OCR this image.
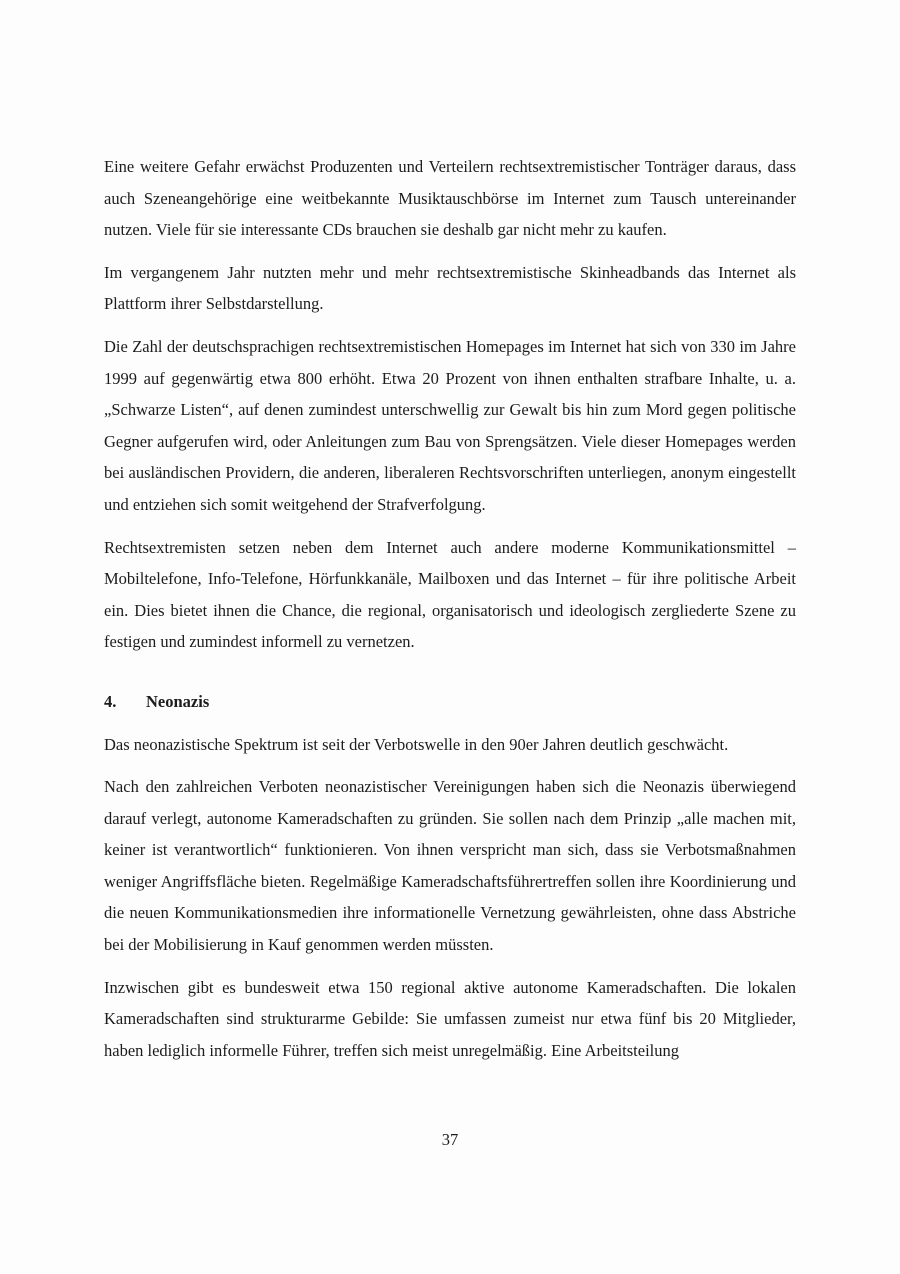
Eine weitere Gefahr erwächst Produzenten und Verteilern rechtsextremistischer Tonträger daraus, dass auch Szeneangehörige eine weitbekannte Musiktauschbörse im Internet zum Tausch untereinander nutzen. Viele für sie interessante CDs brauchen sie deshalb gar nicht mehr zu kaufen.

Im vergangenem Jahr nutzten mehr und mehr rechtsextremistische Skinheadbands das Internet als Plattform ihrer Selbstdarstellung.

Die Zahl der deutschsprachigen rechtsextremistischen Homepages im Internet hat sich von 330 im Jahre 1999 auf gegenwärtig etwa 800 erhöht. Etwa 20 Prozent von ihnen enthalten strafbare Inhalte, u. a. „Schwarze Listen“, auf denen zumindest unterschwellig zur Gewalt bis hin zum Mord gegen politische Gegner aufgerufen wird, oder Anleitungen zum Bau von Sprengsätzen. Viele dieser Homepages werden bei ausländischen Providern, die anderen, liberaleren Rechtsvorschriften unterliegen, anonym eingestellt und entziehen sich somit weitgehend der Strafverfolgung.

Rechtsextremisten setzen neben dem Internet auch andere moderne Kommunikationsmittel – Mobiltelefone, Info-Telefone, Hörfunkkanäle, Mailboxen und das Internet – für ihre politische Arbeit ein. Dies bietet ihnen die Chance, die regional, organisatorisch und ideologisch zergliederte Szene zu festigen und zumindest informell zu vernetzen.

4.	Neonazis

Das neonazistische Spektrum ist seit der Verbotswelle in den 90er Jahren deutlich geschwächt.

Nach den zahlreichen Verboten neonazistischer Vereinigungen haben sich die Neonazis überwiegend darauf verlegt, autonome Kameradschaften zu gründen. Sie sollen nach dem Prinzip „alle machen mit, keiner ist verantwortlich“ funktionieren. Von ihnen verspricht man sich, dass sie Verbotsmaßnahmen weniger Angriffsfläche bieten. Regelmäßige Kameradschaftsführertreffen sollen ihre Koordinierung und die neuen Kommunikationsmedien ihre informationelle Vernetzung gewährleisten, ohne dass Abstriche bei der Mobilisierung in Kauf genommen werden müssten.

Inzwischen gibt es bundesweit etwa 150 regional aktive autonome Kameradschaften. Die lokalen Kameradschaften sind strukturarme Gebilde: Sie umfassen zumeist nur etwa fünf bis 20 Mitglieder, haben lediglich informelle Führer, treffen sich meist unregelmäßig. Eine Arbeitsteilung

37
